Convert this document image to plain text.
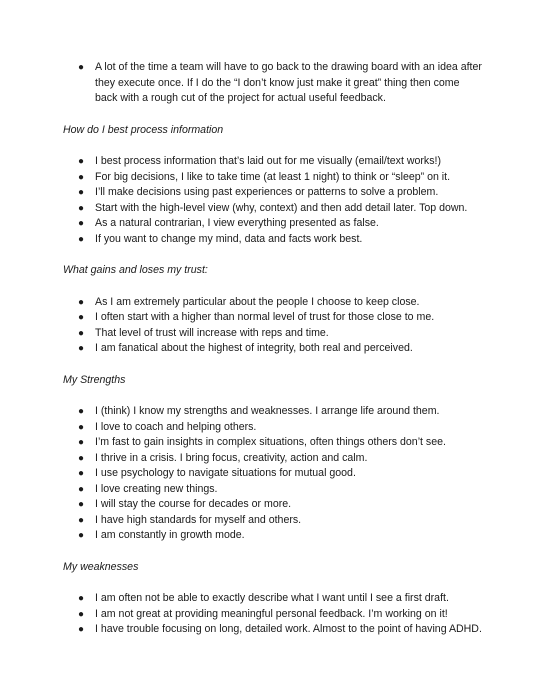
● A lot of the time a team will have to go back to the drawing board with an idea after they execute once. If I do the “I don’t know just make it great” thing then come back with a rough cut of the project for actual useful feedback.
How do I best process information
● I best process information that’s laid out for me visually (email/text works!)
● For big decisions, I like to take time (at least 1 night) to think or “sleep” on it.
● I’ll make decisions using past experiences or patterns to solve a problem.
● Start with the high-level view (why, context) and then add detail later. Top down.
● As a natural contrarian, I view everything presented as false.
● If you want to change my mind, data and facts work best.
What gains and loses my trust:
● As I am extremely particular about the people I choose to keep close.
● I often start with a higher than normal level of trust for those close to me.
● That level of trust will increase with reps and time.
● I am fanatical about the highest of integrity, both real and perceived.
My Strengths
● I (think) I know my strengths and weaknesses. I arrange life around them.
● I love to coach and helping others.
● I’m fast to gain insights in complex situations, often things others don’t see.
● I thrive in a crisis. I bring focus, creativity, action and calm.
● I use psychology to navigate situations for mutual good.
● I love creating new things.
● I will stay the course for decades or more.
● I have high standards for myself and others.
● I am constantly in growth mode.
My weaknesses
● I am often not be able to exactly describe what I want until I see a first draft.
● I am not great at providing meaningful personal feedback. I’m working on it!
● I have trouble focusing on long, detailed work. Almost to the point of having ADHD.
